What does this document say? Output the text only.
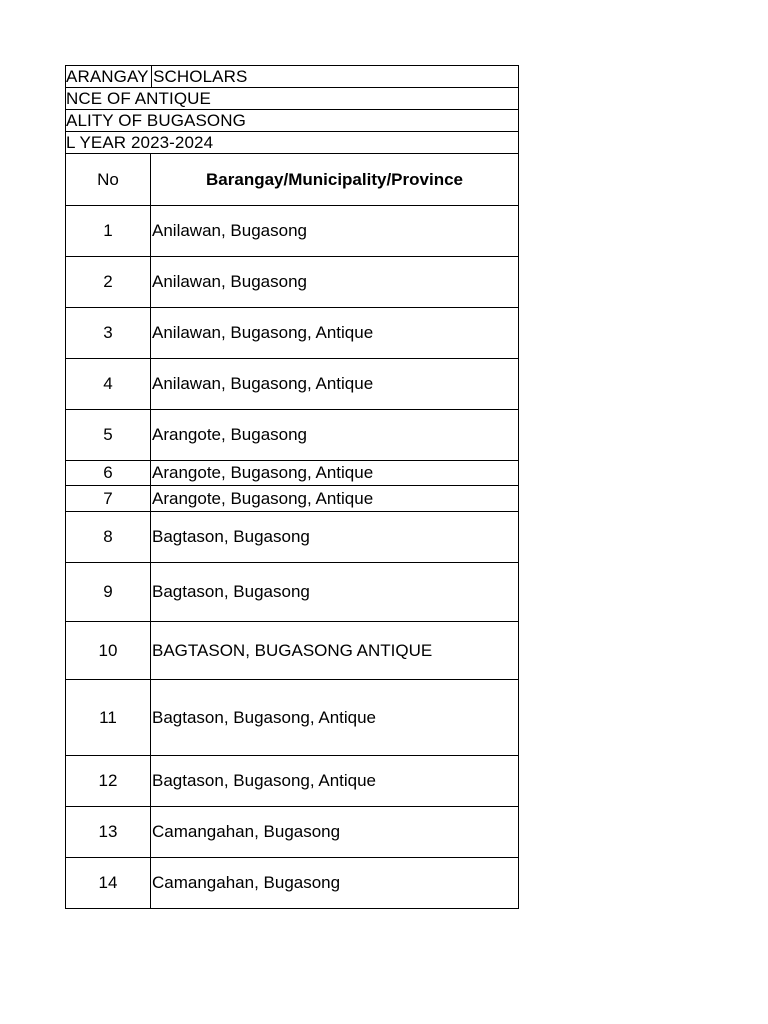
ARANGAY SCHOLARS
NCE OF ANTIQUE
ALITY OF BUGASONG
L YEAR 2023-2024
No	Barangay/Municipality/Province
1	Anilawan, Bugasong
2	Anilawan, Bugasong
3	Anilawan, Bugasong, Antique
4	Anilawan, Bugasong, Antique
5	Arangote, Bugasong
6	Arangote, Bugasong, Antique
7	Arangote, Bugasong, Antique
8	Bagtason, Bugasong
9	Bagtason, Bugasong
10	BAGTASON, BUGASONG ANTIQUE
11	Bagtason, Bugasong, Antique
12	Bagtason, Bugasong, Antique
13	Camangahan, Bugasong
14	Camangahan, Bugasong
